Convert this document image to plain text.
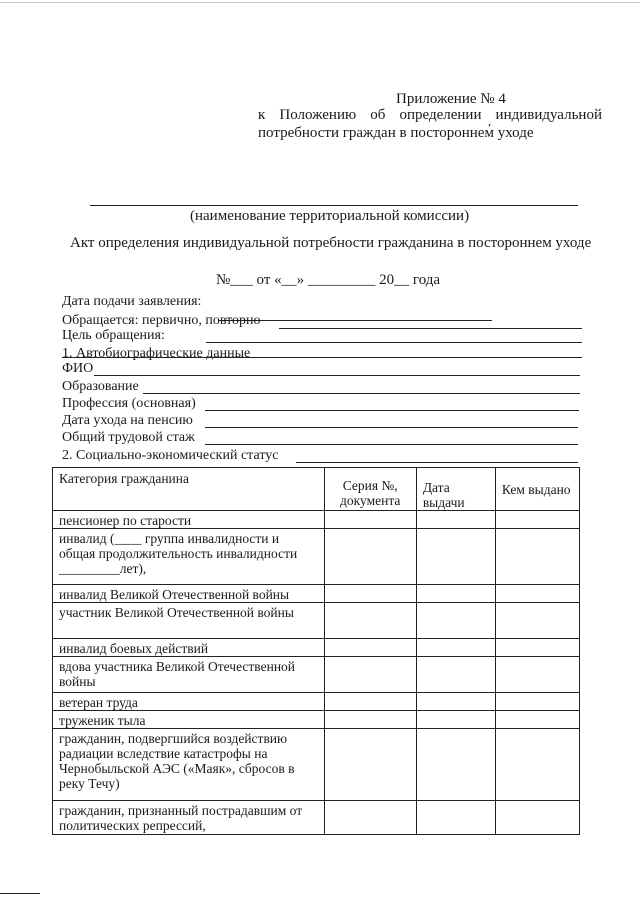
Приложение № 4
к Положению об определении индивидуальной
,
потребности граждан в постороннем уходе
(наименование территориальной комиссии)
Акт определения индивидуальной потребности гражданина в постороннем уходе
№___ от «__» _________ 20__ года
Дата подачи заявления:
Обращается: первично, повторно
Цель обращения:
1. Автобиографические данные
ФИО
Образование
Профессия (основная)
Дата ухода на пенсию
Общий трудовой стаж
2. Социально-экономический статус
Категория гражданина	Серия №, документа	Дата выдачи	Кем выдано
пенсионер по старости			
инвалид (____ группа инвалидности и общая продолжительность инвалидности _________лет),			
инвалид Великой Отечественной войны			
участник Великой Отечественной войны			
инвалид боевых действий			
вдова участника Великой Отечественной войны			
ветеран труда			
труженик тыла			
гражданин, подвергшийся воздействию радиации вследствие катастрофы на Чернобыльской АЭС («Маяк», сбросов в реку Течу)			
гражданин, признанный пострадавшим от политических репрессий,			
